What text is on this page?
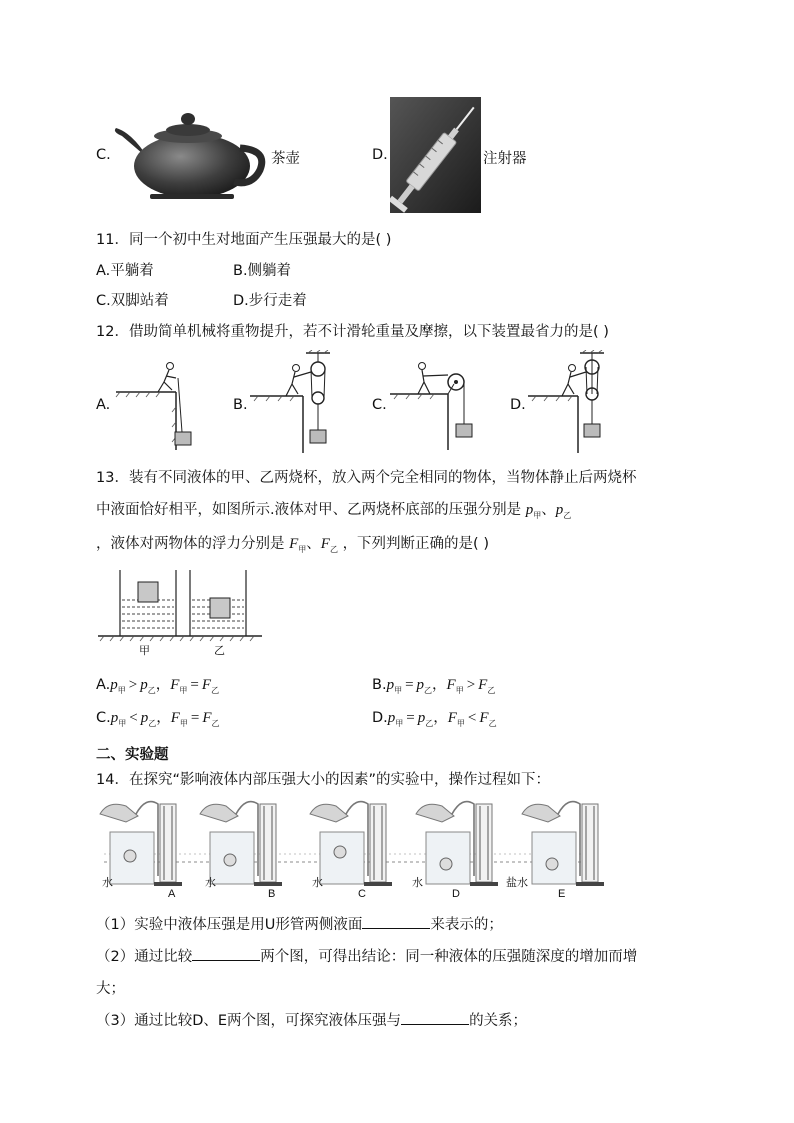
C.	茶壶	D.	注射器
11．同一个初中生对地面产生压强最大的是( )
A.平躺着	B.侧躺着
C.双脚站着	D.步行走着
12．借助简单机械将重物提升，若不计滑轮重量及摩擦，以下装置最省力的是( )
A.	B.	C.	D.
13．装有不同液体的甲、乙两烧杯，放入两个完全相同的物体，当物体静止后两烧杯
中液面恰好相平，如图所示.液体对甲、乙两烧杯底部的压强分别是 $p_甲$、$p_乙$
，液体对两物体的浮力分别是 $F_甲$、$F_乙$ ，下列判断正确的是( )
甲	乙
$A.p_甲 > p_乙$，$F_甲 = F_乙$	$B.p_甲 = p_乙$，$F_甲 > F_乙$
$C.p_甲 < p_乙$，$F_甲 = F_乙$	$D.p_甲 = p_乙$，$F_甲 < F_乙$
二、实验题
14．在探究“影响液体内部压强大小的因素”的实验中，操作过程如下：
水	水	水	水	盐水
A	B	C	D	E
（1）实验中液体压强是用U形管两侧液面	来表示的；
（2）通过比较	两个图，可得出结论：同一种液体的压强随深度的增加而增
大；
（3）通过比较D、E两个图，可探究液体压强与	的关系；
